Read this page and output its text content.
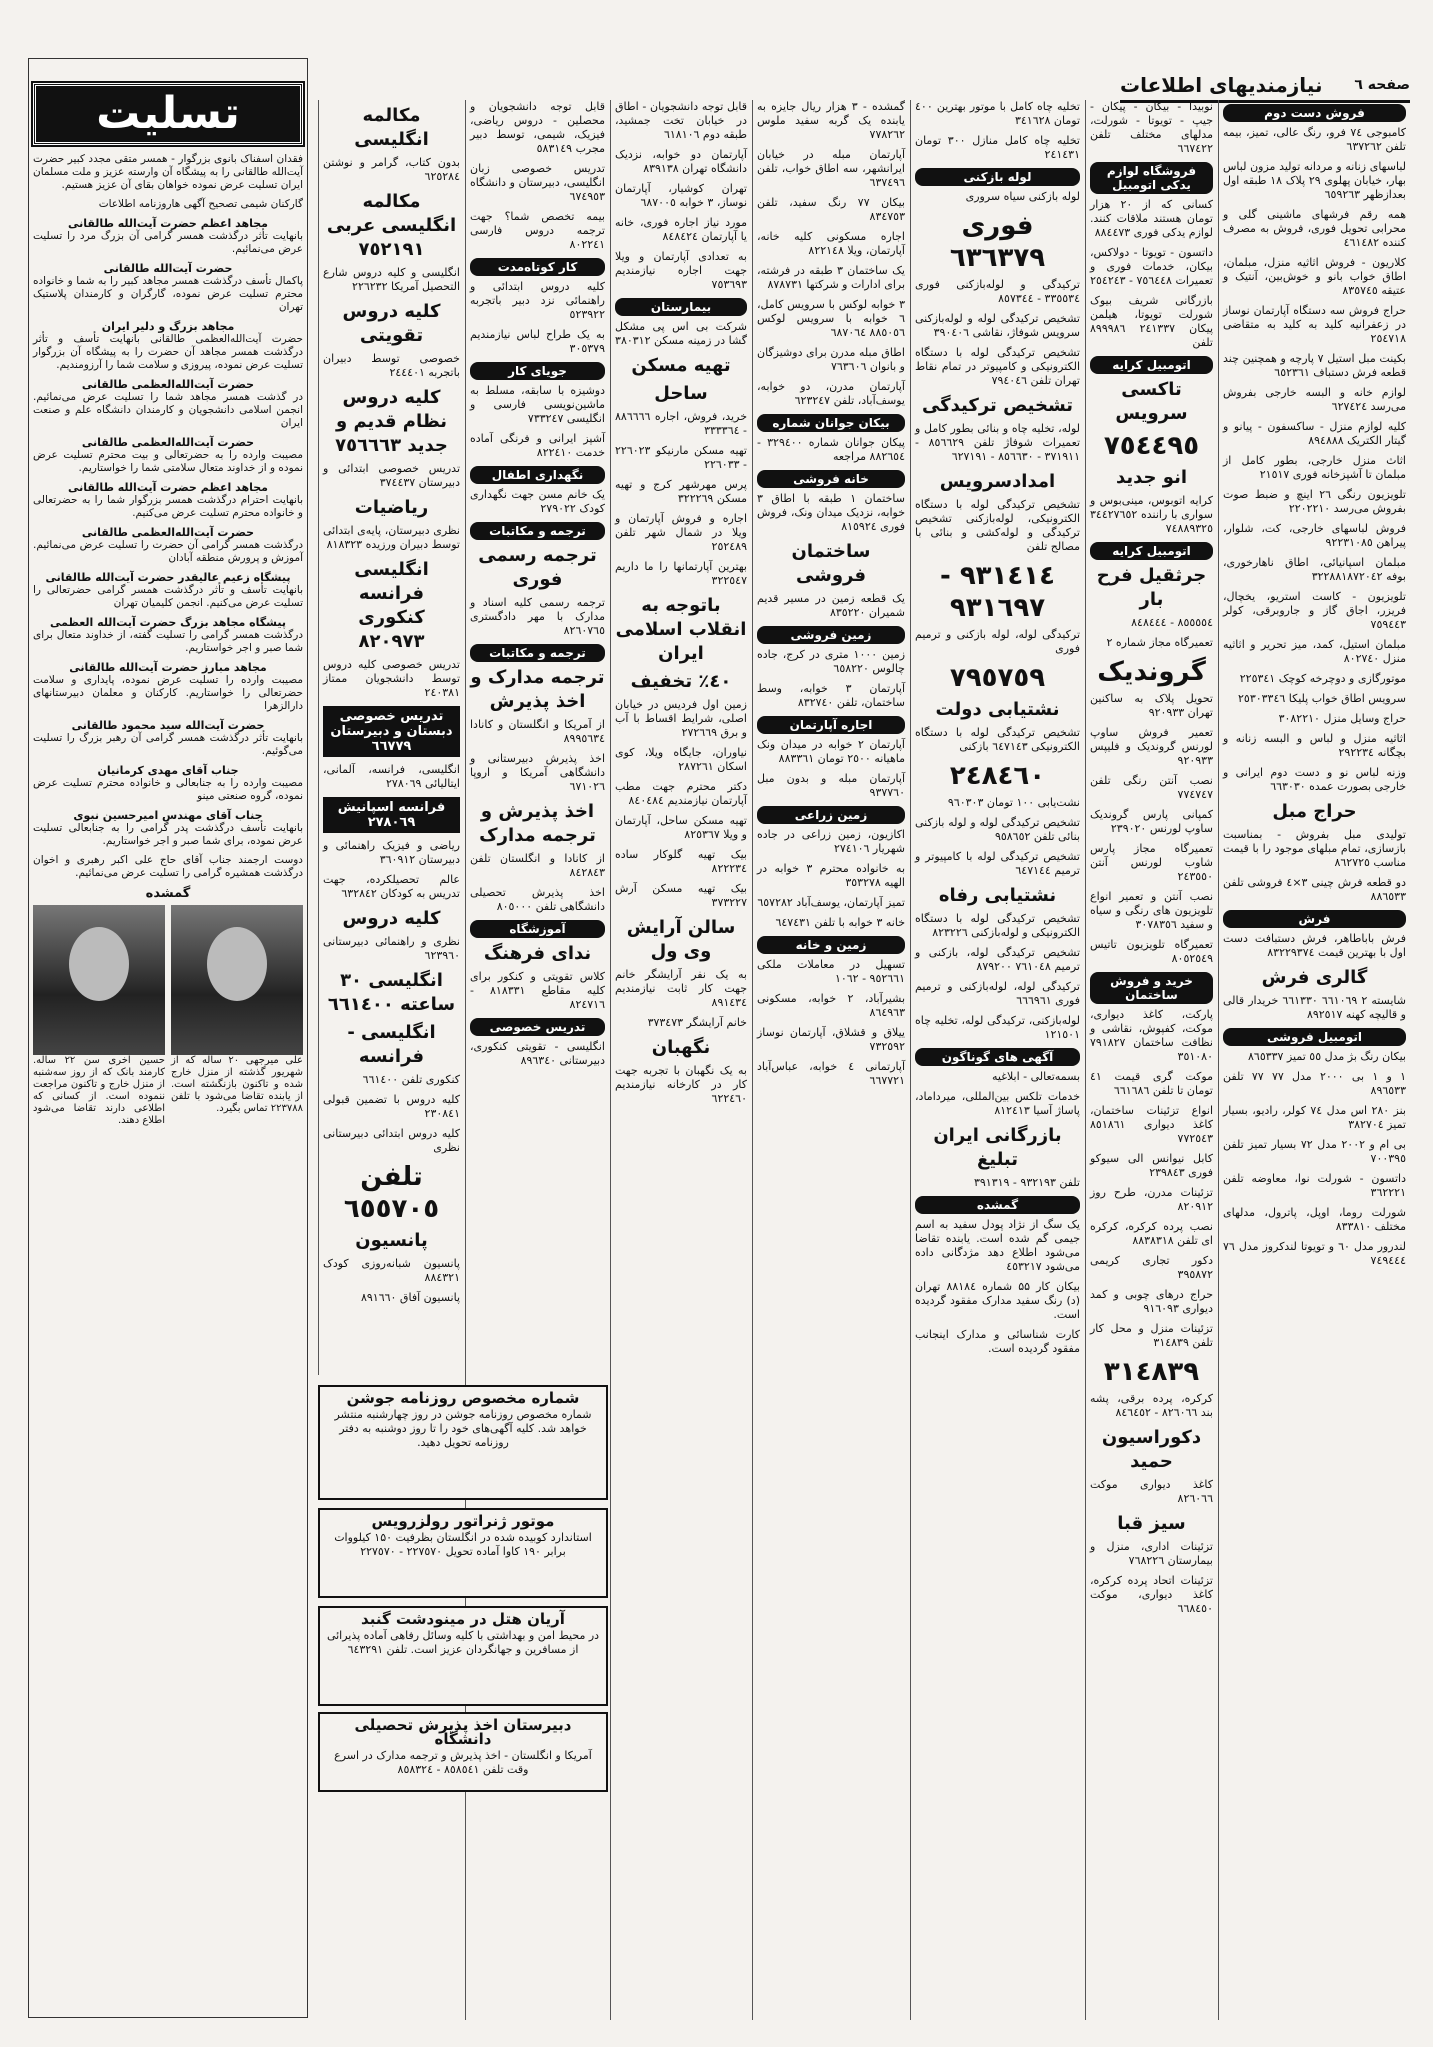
صفحه ٦
نیازمندیهای اطلاعات
تسلیت
فقدان اسفناک بانوی بزرگوار - همسر متقی مجدد کبیر حضرت آیت‌الله طالقانی را به پیشگاه آن وارسته عزیز و ملت مسلمان ایران تسلیت عرض نموده خواهان بقای آن عزیز هستیم.
گارکنان شیمی تصحیح آگهی هاروزنامه اطلاعات
مجاهد اعظم حضرت آیت‌الله طالقانی
بانهایت تأثر درگذشت همسر گرامی آن بزرگ مرد را تسلیت عرض می‌نمائیم.
حضرت آیت‌الله طالقانی
پاکمال تأسف درگذشت همسر مجاهد کبیر را به شما و خانواده محترم تسلیت عرض نموده، گارگران و کارمندان پلاستیک تهران
مجاهد بزرگ و دلیر ایران
حضرت آیت‌الله‌العظمی طالقانی بانهایت تأسف و تأثر درگذشت همسر مجاهد آن حضرت را به پیشگاه آن بزرگوار تسلیت عرض نموده، پیروزی و سلامت شما را آرزومندیم.
حضرت آیت‌الله‌العظمی طالقانی
در گذشت همسر مجاهد شما را تسلیت عرض می‌نمائیم. انجمن اسلامی دانشجویان و کارمندان دانشگاه علم و صنعت ایران
حضرت آیت‌الله‌العظمی طالقانی
مصیبت وارده را به حضرتعالی و بیت محترم تسلیت عرض نموده و از خداوند متعال سلامتی شما را خواستاریم.
مجاهد اعظم حضرت آیت‌الله طالقانی
بانهایت احترام درگذشت همسر بزرگوار شما را به حضرتعالی و خانواده محترم تسلیت عرض می‌کنیم.
حضرت آیت‌الله‌العظمی طالقانی
درگذشت همسر گرامی آن حضرت را تسلیت عرض می‌نمائیم. آموزش و پرورش منطقه آبادان
پیشگاه زعیم عالیقدر حضرت آیت‌الله طالقانی
بانهایت تأسف و تأثر درگذشت همسر گرامی حضرتعالی را تسلیت عرض می‌کنیم. انجمن کلیمیان تهران
پیشگاه مجاهد بزرگ حضرت آیت‌الله العظمی
درگذشت همسر گرامی را تسلیت گفته، از خداوند متعال برای شما صبر و اجر خواستاریم.
مجاهد مبارز حضرت آیت‌الله طالقانی
مصیبت وارده را تسلیت عرض نموده، پایداری و سلامت حضرتعالی را خواستاریم. کارکنان و معلمان دبیرستانهای دارالزهرا
حضرت آیت‌الله سید محمود طالقانی
بانهایت تأثر درگذشت همسر گرامی آن رهبر بزرگ را تسلیت می‌گوئیم.
جناب آقای مهدی کرمانیان
مصیبت وارده را به جنابعالی و خانواده محترم تسلیت عرض نموده، گروه صنعتی مینو
جناب آقای مهندس امیرحسین نبوی
بانهایت تأسف درگذشت پدر گرامی را به جنابعالی تسلیت عرض نموده، برای شما صبر و اجر خواستاریم.
دوست ارجمند جناب آقای حاج علی اکبر رهبری و اخوان درگذشت همشیره گرامی را تسلیت عرض می‌نمائیم.
گمشده
علی میرجهی ۲۰ ساله که از شهریور گذشته از منزل خارج شده و تاکنون بازنگشته است. از یابنده تقاضا می‌شود با تلفن ۲۲۳۷۸۸ تماس بگیرد.
حسین اخری سن ۲۲ ساله. کارمند بانک که از روز سه‌شنبه از منزل خارج و تاکنون مراجعت ننموده است. از کسانی که اطلاعی دارند تقاضا می‌شود اطلاع دهند.
فروش دست دوم
کامبوجی ٧٤ فرو، رنگ عالی، تمیز، بیمه تلفن ٦٣٧٢٦٢
لباسهای زنانه و مردانه تولید مزون لباس بهار، خیابان پهلوی ۲۹ پلاک ۱۸ طبقه اول بعدازظهر ٦٥٩٢٦٣
همه رقم فرشهای ماشینی گلی و محرابی تحویل فوری، فروش به مصرف کننده ٤٦١٤٨٢
کلاریون - فروش اثاثیه منزل، مبلمان، اطاق خواب بانو و خوش‌بین، آنتیک و عتیقه ٨٣٥٧٤٥
حراج فروش سه دستگاه آپارتمان نوساز در زعفرانیه کلید به کلید به متقاضی ٢٥٤٧١٨
بکینت مبل استیل ٧ پارچه و همچنین چند قطعه فرش دستباف ٦٥٢٣٦١
لوازم خانه و البسه خارجی بفروش می‌رسد ٦٢٧٤٢٤
کلیه لوازم منزل - ساکسفون - پیانو و گیتار الکتریک ٨٩٤٨٨٨
اثاث منزل خارجی، بطور کامل از مبلمان تا آشپزخانه فوری ٢١٥١٧
تلویزیون رنگی ۲٦ اینچ و ضبط صوت بفروش می‌رسد ٢٢٠٢٢١٠
فروش لباسهای خارجی، کت، شلوار، پیراهن ٩٢٢٣١٠٨٥
مبلمان اسپانیائی، اطاق ناهارخوری، بوفه ٣٢٢٨٨١٨٧٢٠٤٢
تلویزیون - کاست استریو، یخچال، فریزر، اجاق گاز و جاروبرقی، کولر ٧٥٩٤٤٣
مبلمان استیل، کمد، میز تحریر و اثاثیه منزل ٨٠٢٧٤٠
موتورگازی و دوچرخه کوچک ٢٢٥٣٤١
سرویس اطاق خواب پلیکا ٢٥٣٠٣٣٤٦
حراج وسایل منزل ٣٠٨٢٢١٠
اثاثیه منزل و لباس و البسه زنانه و بچگانه ٢٩٢٢٣٤
وزنه لباس نو و دست دوم ایرانی و خارجی بصورت عمده ٦٦٣٠٣٠
حراج مبل
تولیدی مبل بفروش - بمناسبت بازسازی، تمام مبلهای موجود را با قیمت مناسب ٨٦٢٧٢٥
دو قطعه فرش چینی ٣×٤ فروشی تلفن ٨٨٦٥٣٣
فرش
فرش باباطاهر، فرش دستبافت دست اول با بهترین قیمت ٨٣٢٢٩٣٧٤
گالری فرش
شایسته ۲ ٦٦١٠٦٩ ٦٦١٣٣٠ خریدار قالی و قالیچه کهنه ٨٩٢٥١٧
اتومبیل فروشی
بیکان رنگ بژ مدل ٥٥ تمیز ٨٦٥٣٣٧
۱ و ۱ بی ٢٠٠٠ مدل ٧٧ ٧٧ تلفن ٨٩٦٥٣٣
بنز ۲۸۰ اس مدل ٧٤ کولر، رادیو، بسیار تمیز ٣٨٢٧٠٤
بی ام و ٢٠٠٢ مدل ٧٢ بسیار تمیز تلفن ٧٠٠٣٩٥
داتسون - شورلت نوا، معاوضه تلفن ٣٦٢٢٢١
شورلت روما، اوپل، پاترول، مدلهای مختلف ٨٣٣٨١٠
لندرور مدل ٦٠ و تویوتا لندکروز مدل ٧٦ ٧٤٩٤٤٤
نوبیدا - بیکان - پیکان - جیپ - تویوتا - شورلت، مدلهای مختلف تلفن ٦٦٧٤٢٢
فروشگاه لوازم یدکی اتومبیل
کسانی که از ۲۰ هزار تومان هستند ملاقات کنند. لوازم یدکی فوری ٨٨٤٤٧٣
داتسون - تویوتا - دولاکس، بیکان، خدمات فوری و تعمیرات ٧٥٦٤٤٨ - ٢٥٤٢٤٣
بازرگانی شریف بیوک شورلت تویوتا، هیلمن پیکان ٢٤١٣٣٧ ٨٩٩٩٨٦ تلفن
اتومبیل کرایه
تاکسی سرویس
٧٥٤٤٩٥
انو جدید
کرایه اتوبوس، مینی‌بوس و سواری با راننده ٣٤٤٢٧٦٥٢ ٧٤٨٨٩٣٢٥
اتومبیل کرایه
جرثقیل فرح بار
٨٥٥٥٥٤ - ٨٤٨٤٤٤
تعمیرگاه مجاز شماره ٢
گروندیک
تحویل پلاک به ساکنین تهران ٩٢٠٩٣٣
تعمیر فروش ساوپ لورنس گروندیک و فلیپس ٩٢٠٩٣٣
نصب آنتن رنگی تلفن ٧٧٤٧٤٧
کمپانی پارس گروندیک ساوپ لورنس ٢٣٩٠٢٠
تعمیرگاه مجاز پارس شاوب لورنس آنتن ٢٤٣٥٥٠
نصب آنتن و تعمیر انواع تلویزیون های رنگی و سیاه و سفید ٣٠٧٨٣٥٦
تعمیرگاه تلویزیون تاتیس ٨٠٥٢٥٤٩
خرید و فروش ساختمان
پارکت، کاغذ دیواری، موکت، کفپوش، نقاشی و نظافت ساختمان ٧٩١٨٢٧ ٣٥١٠٨٠
موکت گری قیمت ٤١ تومان تا تلفن ٦٦١٦٨٦
انواع تزئینات ساختمان، کاغذ دیواری ٨٥١٨٦١ ٧٧٢٥٤٣
کابل نیوانس الی سیوکو فوری ٢٣٩٨٤٣
تزئینات مدرن، طرح روز ٨٢٠٩١٢
نصب پرده کرکره، کرکره ای تلفن ٨٨٣٨٣١٨
دکور تجاری کریمی ٣٩٥٨٧٢
حراج درهای چوبی و کمد دیواری ٩١٦٠٩٣
تزئینات منزل و محل کار تلفن ٣١٤٨٣٩
٣١٤٨٣٩
کرکره، پرده برقی، پشه بند ٨٢٦٠٦٦ - ٨٤٦٤٥٢
دکوراسیون حمید
کاغذ دیواری موکت ٨٢٦٠٦٦
سیز قبا
تزئینات اداری، منزل و بیمارستان ٧٦٨٢٢٦
تزئینات اتحاد پرده کرکره، کاغذ دیواری، موکت ٦٦٨٤٥٠
تخلیه چاه کامل با موتور بهترین ٤٠٠ تومان ٣٤١٦٢٨
تخلیه چاه کامل منازل ٣٠٠ تومان ٢٤١٤٣١
لوله بازکنی
لوله بازکنی سیاه سروری
فوری ٦٣٦٣٧٩
ترکیدگی و لوله‌بازکنی فوری ٣٣٥٥٣٤ - ٨٥٧٣٤٤
تشخیص ترکیدگی لوله و لوله‌بازکنی سرویس شوفاژ، نقاشی ٣٩٠٤٠٦
تشخیص ترکیدگی لوله با دستگاه الکترونیکی و کامپیوتر در تمام نقاط تهران تلفن ٧٩٤٠٤٦
تشخیص ترکیدگی
لوله، تخلیه چاه و بنائی بطور کامل و تعمیرات شوفاژ تلفن ٨٥٦٦٢٩ - ٣٧١٩١١ - ٨٥٦٦٣٠ - ٦٢٧١٩١
امدادسرویس
تشخیص ترکیدگی لوله با دستگاه الکترونیکی، لوله‌بازکنی تشخیص ترکیدگی و لوله‌کشی و بنائی با مصالح تلفن
٩٣١٤١٤ - ٩٣١٦٩٧
ترکیدگی لوله، لوله بازکنی و ترمیم فوری
٧٩٥٧٥٩
نشتیابی دولت
تشخیص ترکیدگی لوله با دستگاه الکترونیکی ٦٤٧١٤٣ بازکنی
٢٤٨٤٦٠
نشت‌یابی ۱۰۰ تومان ٩٦٠٣٠٣
تشخیص ترکیدگی لوله و لوله بازکنی بنائی تلفن ٩٥٨٦٥٢
تشخیص ترکیدگی لوله با کامپیوتر و ترمیم ٦٤٧١٤٤
نشتیابی رفاه
تشخیص ترکیدگی لوله با دستگاه الکترونیکی و لوله‌بازکنی ٨٢٣٢٢٦
تشخیص ترکیدگی لوله، بازکنی و ترمیم ٧٦١٠٤٨ ٨٧٩٢٠٠
ترکیدگی لوله، لوله‌بازکنی و ترمیم فوری ٦٦٦٩٦١
لوله‌بازکنی، ترکیدگی لوله، تخلیه چاه ١٢١٥٠١
آگهی های گوناگون
بسمه‌تعالی - ابلاغیه
خدمات تلکس بین‌المللی، میرداماد، پاساژ آسیا ٨١٢٤١٣
بازرگانی ایران تبلیغ
تلفن ٩٣٢١٩٣ - ٣٩١٣١٩
گمشده
یک سگ از نژاد پودل سفید به اسم جیمی گم شده است. یابنده تقاضا می‌شود اطلاع دهد مژدگانی داده می‌شود ٤٥٣٢١٧
بیکان کار ۵۵ شماره ٨٨١٨٤ تهران (د) رنگ سفید مدارک مفقود گردیده است.
کارت شناسائی و مدارک اینجانب مفقود گردیده است.
گمشده - ۳ هزار ریال جایزه به یابنده یک گربه سفید ملوس ٧٧٨٢٦٢
آپارتمان مبله در خیابان ایرانشهر، سه اطاق خواب، تلفن ٦٣٧٤٩٦
بیکان ۷۷ رنگ سفید، تلفن ٨٣٤٧٥٣
اجاره مسکونی کلیه خانه، آپارتمان، ویلا ٨٢٢١٤٨
یک ساختمان ۳ طبقه در فرشته، برای ادارات و شرکتها ٨٧٨٧٣١
۳ خوابه لوکس با سرویس کامل، ٦ خوابه با سرویس لوکس ٨٨٥٠٥٦ ٦٨٧٠٦٤
اطاق مبله مدرن برای دوشیزگان و بانوان ٧٦٣٦٠٦
آپارتمان مدرن، دو خوابه، یوسف‌آباد، تلفن ٦٢٣٢٤٧
بیکان جوانان شماره
پیکان جوانان شماره ٣٢٩٤٠٠ - ٨٨٢٦٥٤ مراجعه
خانه فروشی
ساختمان ۱ طبقه با اطاق ۳ خوابه، نزدیک میدان ونک، فروش فوری ٨١٥٩٢٤
ساختمان فروشی
یک قطعه زمین در مسیر قدیم شمیران ٨٣٥٢٢٠
زمین فروشی
زمین ۱۰۰۰ متری در کرج، جاده چالوس ٦٥٨٢٢٠
آپارتمان ۳ خوابه، وسط ساختمان، تلفن ٨٣٢٧٤٠
اجاره آپارتمان
آپارتمان ٢ خوابه در میدان ونک ماهیانه ٢٥٠٠ تومان ٨٨٣٣٦١
آپارتمان مبله و بدون مبل ٩٣٧٧٦٠
زمین زراعی
اکازیون، زمین زراعی در جاده شهریار ٢٧٤١٠٦
به خانواده محترم ۳ خوابه در الهیه ٣٥٣٢٧٨
تمیز آپارتمان، یوسف‌آباد ٦٥٧٢٨٢
خانه ٣ خوابه با تلفن ٦٤٧٤٣١
زمین و خانه
تسهیل در معاملات ملکی ٩٥٢٦٦١ - ١٠٦٢
بشیرآباد، ٢ خوابه، مسکونی ٨٦٤٩٦٣
ییلاق و قشلاق، آپارتمان نوساز ٧٣٢٥٩٢
آپارتمانی ٤ خوابه، عباس‌آباد ٦٦٧٧٢١
قابل توجه دانشجویان - اطاق در خیابان تخت جمشید، طبقه دوم ٦١٨١٠٦
آپارتمان دو خوابه، نزدیک دانشگاه تهران ٨٣٩١٣٨
تهران کوشیار، آپارتمان نوساز، ۳ خوابه ٦٨٧٠٠٥
مورد نیاز اجاره فوری، خانه یا آپارتمان ٨٤٨٤٢٤
به تعدادی آپارتمان و ویلا جهت اجاره نیازمندیم ٧٥٣٦٩٣
بیمارستان
شرکت بی اس پی مشکل گشا در زمینه مسکن ٣٨٠٣١٢
تهیه مسکن
ساحل
خرید، فروش، اجاره ٨٨٦٦٦٦ - ٣٣٣٣٦٤
تهیه مسکن مارنیکو ٢٢٦٠٢٣ - ٢٢٦٠٣٣
پرس مهرشهر کرج و تهیه مسکن ٣٢٢٢٦٩
اجاره و فروش آپارتمان و ویلا در شمال شهر تلفن ٢٥٢٤٨٩
بهترین آپارتمانها را ما داریم ٣٢٢٥٤٧
باتوجه به انقلاب اسلامی ایران
٤٠٪ تخفیف
زمین اول فردیس در خیابان اصلی، شرایط اقساط با آب و برق ٢٧٢٦٦٩
نیاوران، جایگاه ویلا، کوی اسکان ٢٨٧٢٦١
دکتر محترم جهت مطب آپارتمان نیازمندیم ٨٤٠٤٨٤
تهیه مسکن ساحل، آپارتمان و ویلا ٨٢٥٣٦٧
بیک تهیه گلوکار ساده ٨٢٢٢٣٤
بیک تهیه مسکن آرش ٣٧٣٢٢٧
سالن آرایش وی ول
به یک نفر آرایشگر خانم جهت کار ثابت نیازمندیم ٨٩١٤٣٤
خانم آرایشگر ٣٧٣٤٧٣
نگهبان
به یک نگهبان با تجربه جهت کار در کارخانه نیازمندیم ٦٢٢٤٦٠
قابل توجه دانشجویان و محصلین - دروس ریاضی، فیزیک، شیمی، توسط دبیر مجرب ٥٨٣١٤٩
تدریس خصوصی زبان انگلیسی، دبیرستان و دانشگاه ٦٧٤٩٥٣
بیمه تخصص شما؟ جهت ترجمه دروس فارسی ٨٠٢٢٤١
کار کوتاه‌مدت
کلیه دروس ابتدائی و راهنمائی نزد دبیر باتجربه ٥٢٣٩٢٢
به یک طراح لباس نیازمندیم ٣٠٥٣٧٩
جویای کار
دوشیزه با سابقه، مسلط به ماشین‌نویسی فارسی و انگلیسی ٧٣٣٢٤٧
آشپز ایرانی و فرنگی آماده خدمت ٨٢٢٤١٠
نگهداری اطفال
یک خانم مسن جهت نگهداری کودک ٢٧٩٠٢٢
ترجمه و مکاتبات
ترجمه رسمی فوری
ترجمه رسمی کلیه اسناد و مدارک با مهر دادگستری ٨٢٦٠٧٦٥
ترجمه و مکاتبات
ترجمه مدارک و اخذ پذیرش
از آمریکا و انگلستان و کانادا ٨٩٩٥٦٣٤
اخذ پذیرش دبیرستانی و دانشگاهی آمریکا و اروپا ٦٧١٠٢٦
اخذ پذیرش و ترجمه مدارک
از کانادا و انگلستان تلفن ٨٤٢٨٤٣
اخذ پذیرش تحصیلی دانشگاهی تلفن ٨٠٥٠٠٠
آموزشگاه
ندای فرهنگ
کلاس تقویتی و کنکور برای کلیه مقاطع ٨١٨٣٣١ - ٨٢٤٧١٦
تدریس خصوصی
انگلیسی - تقویتی کنکوری، دبیرستانی ٨٩٦٣٤٠
مکالمه انگلیسی
بدون کتاب، گرامر و نوشتن ٦٢٥٢٨٤
مکالمه انگلیسی عربی ٧٥٢١٩١
انگلیسی و کلیه دروس شارع التحصیل آمریکا ٢٢٦٢٣٢
کلیه دروس تقویتی
خصوصی توسط دبیران باتجربه ٢٤٤٤٠١
کلیه دروس نظام قدیم و جدید ٧٥٦٦٦٣
تدریس خصوصی ابتدائی و دبیرستان ٣٧٤٤٣٧
ریاضیات
نظری دبیرستان، پایه‌ی ابتدائی توسط دبیران ورزیده ٨١٨٣٢٣
انگلیسی فرانسه کنکوری ٨٢٠٩٧٣
تدریس خصوصی کلیه دروس توسط دانشجویان ممتاز ٢٤٠٣٨١
تدریس خصوصی دبستان و دبیرستان ٦٦٧٧٩
انگلیسی، فرانسه، آلمانی، ایتالیائی ٢٧٨٠٦٩
فرانسه اسپانیش ٢٧٨٠٦٩
ریاضی و فیزیک راهنمائی و دبیرستان ٣٦٠٩١٢
عالم تحصیلکرده، جهت تدریس به کودکان ٦٣٢٨٤٢
کلیه دروس
نظری و راهنمائی دبیرستانی ٦٢٣٩٦٠
انگلیسی ٣٠ ساعته ٦٦١٤٠٠
انگلیسی - فرانسه
کنکوری تلفن ٦٦١٤٠٠
کلیه دروس با تضمین قبولی ٢٣٠٨٤١
کلیه دروس ابتدائی دبیرستانی نظری
تلفن ٦٥٥٧٠٥
پانسیون
پانسیون شبانه‌روزی کودک ٨٨٤٣٢١
پانسیون آفاق ٨٩١٦٦٠
شماره مخصوص روزنامه جوشن
شماره مخصوص روزنامه جوشن در روز چهارشنبه منتشر خواهد شد. کلیه آگهی‌های خود را تا روز دوشنبه به دفتر روزنامه تحویل دهید.
موتور ژنراتور رولزرویس
استاندارد کوبیده شده در انگلستان بظرفیت ۱۵۰ کیلووات برابر ۱۹۰ کاوا آماده تحویل ٢٢٧٥٧٠ - ٢٢٧٥٧٠
آریان هتل در مینودشت گنبد
در محیط امن و بهداشتی با کلیه وسائل رفاهی آماده پذیرائی از مسافرین و جهانگردان عزیز است. تلفن ٦٤٣٢٩١
دبیرستان اخذ پذیرش تحصیلی دانشگاه
آمریکا و انگلستان - اخذ پذیرش و ترجمه مدارک در اسرع وقت تلفن ٨٥٨٥٤١ - ٨٥٨٣٢٤
